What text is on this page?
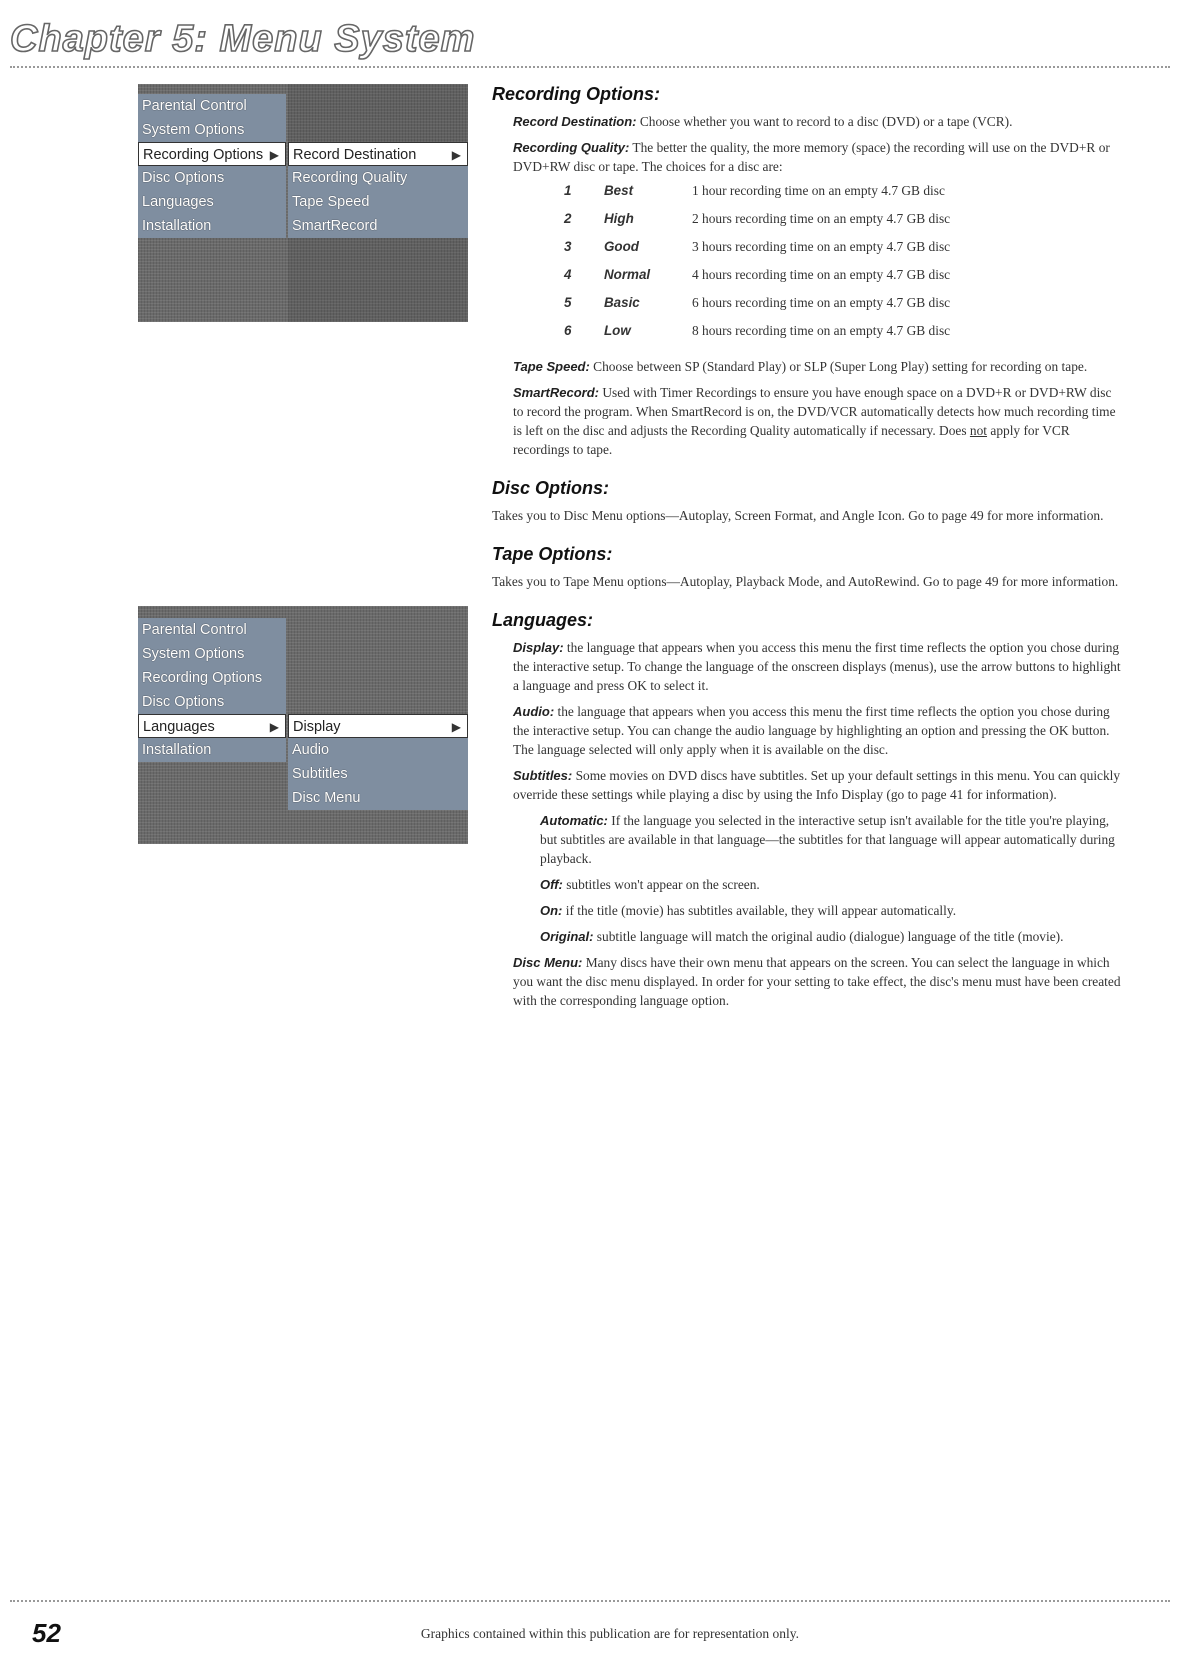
Chapter 5: Menu System
Parental Control
System Options
Recording Options ▶
Disc Options
Languages
Installation
Record Destination	▶
Recording Quality
Tape Speed
SmartRecord
Parental Control
System Options
Recording Options
Disc Options
Languages	▶
Installation
Display	▶
Audio
Subtitles
Disc Menu
Recording Options:

Record Destination: Choose whether you want to record to a disc (DVD) or a tape (VCR).

Recording Quality: The better the quality, the more memory (space) the recording will use on the DVD+R or DVD+RW disc or tape. The choices for a disc are:

1	Best	1 hour recording time on an empty 4.7 GB disc
2	High	2 hours recording time on an empty 4.7 GB disc
3	Good	3 hours recording time on an empty 4.7 GB disc
4	Normal	4 hours recording time on an empty 4.7 GB disc
5	Basic	6 hours recording time on an empty 4.7 GB disc
6	Low	8 hours recording time on an empty 4.7 GB disc

Tape Speed: Choose between SP (Standard Play) or SLP (Super Long Play) setting for recording on tape.

SmartRecord: Used with Timer Recordings to ensure you have enough space on a DVD+R or DVD+RW disc to record the program. When SmartRecord is on, the DVD/VCR automatically detects how much recording time is left on the disc and adjusts the Recording Quality automatically if necessary. Does not apply for VCR recordings to tape.

Disc Options:

Takes you to Disc Menu options—Autoplay, Screen Format, and Angle Icon. Go to page 49 for more information.

Tape Options:

Takes you to Tape Menu options—Autoplay, Playback Mode, and AutoRewind. Go to page 49 for more information.

Languages:

Display: the language that appears when you access this menu the first time reflects the option you chose during the interactive setup. To change the language of the onscreen displays (menus), use the arrow buttons to highlight a language and press OK to select it.

Audio: the language that appears when you access this menu the first time reflects the option you chose during the interactive setup. You can change the audio language by highlighting an option and pressing the OK button. The language selected will only apply when it is available on the disc.

Subtitles: Some movies on DVD discs have subtitles. Set up your default settings in this menu. You can quickly override these settings while playing a disc by using the Info Display (go to page 41 for information).

Automatic: If the language you selected in the interactive setup isn't available for the title you're playing, but subtitles are available in that language—the subtitles for that language will appear automatically during playback.

Off: subtitles won't appear on the screen.

On: if the title (movie) has subtitles available, they will appear automatically.

Original: subtitle language will match the original audio (dialogue) language of the title (movie).

Disc Menu: Many discs have their own menu that appears on the screen. You can select the language in which you want the disc menu displayed. In order for your setting to take effect, the disc's menu must have been created with the corresponding language option.

52	Graphics contained within this publication are for representation only.
